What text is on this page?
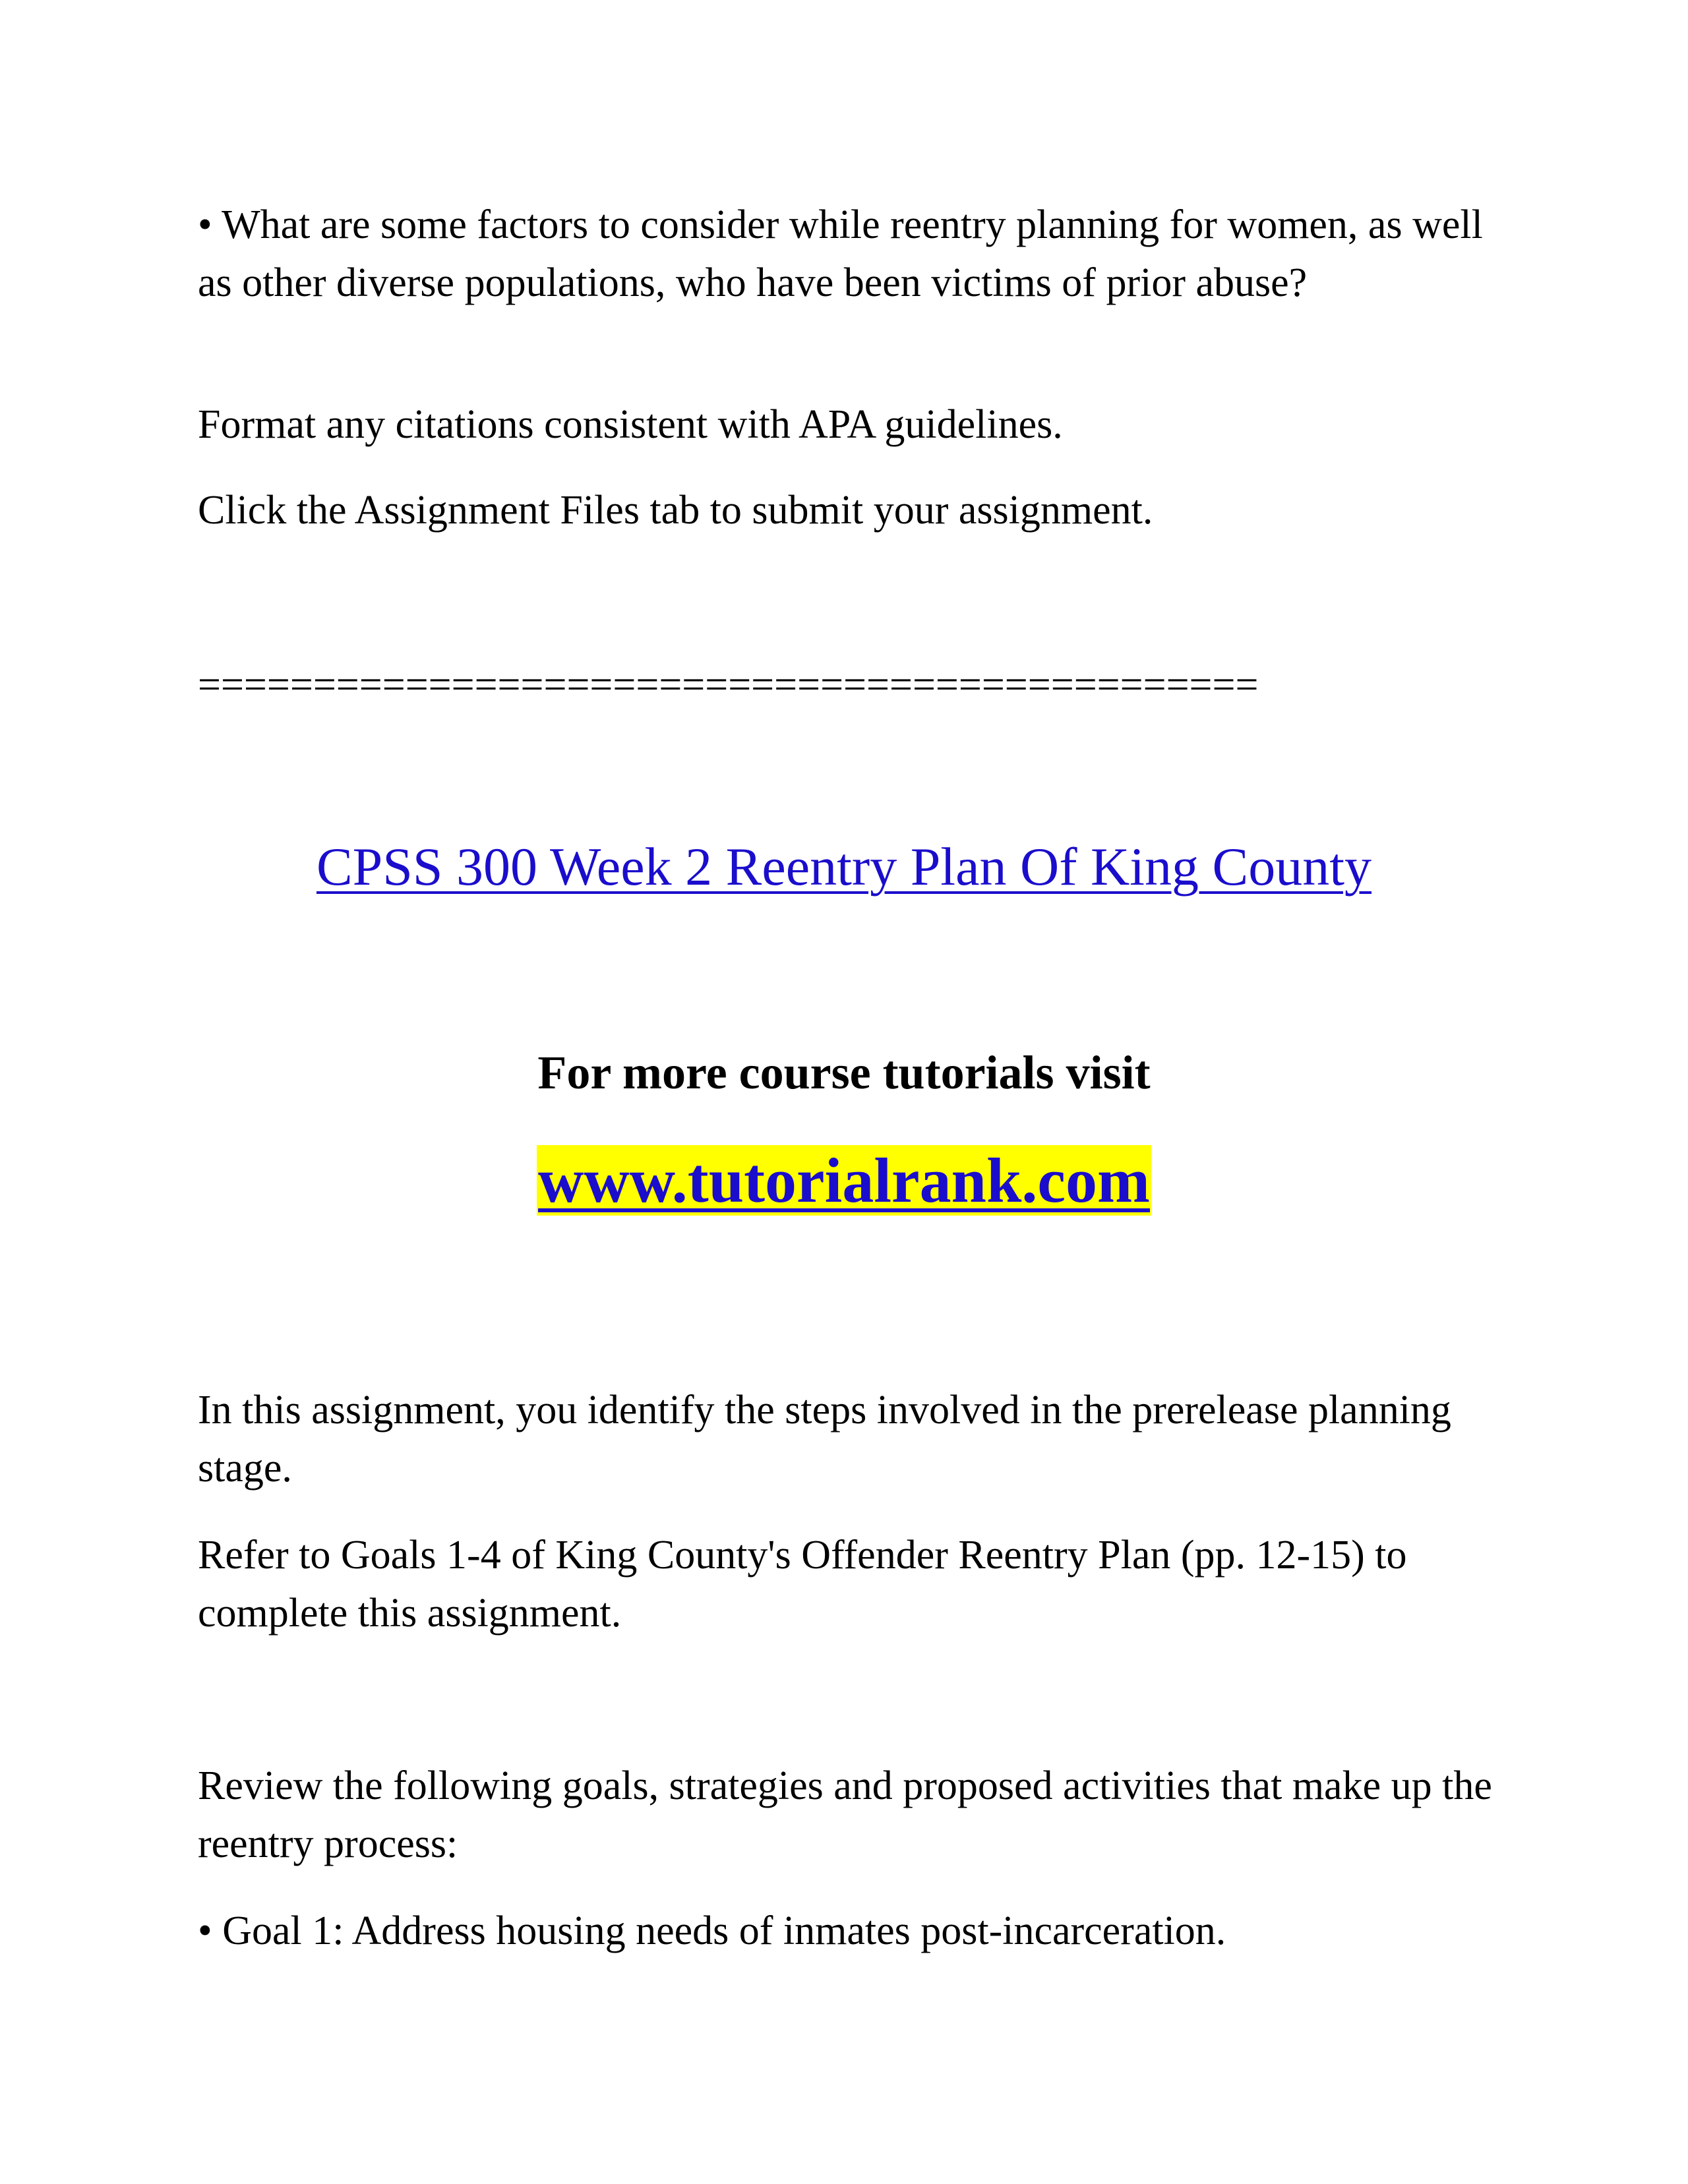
• What are some factors to consider while reentry planning for women, as well as other diverse populations, who have been victims of prior abuse?

Format any citations consistent with APA guidelines.

Click the Assignment Files tab to submit your assignment.

==============================================

CPSS 300 Week 2 Reentry Plan Of King County

For more course tutorials visit

www.tutorialrank.com

In this assignment, you identify the steps involved in the prerelease planning stage.

Refer to Goals 1-4 of King County's Offender Reentry Plan (pp. 12-15) to complete this assignment.

Review the following goals, strategies and proposed activities that make up the reentry process:

• Goal 1: Address housing needs of inmates post-incarceration.
